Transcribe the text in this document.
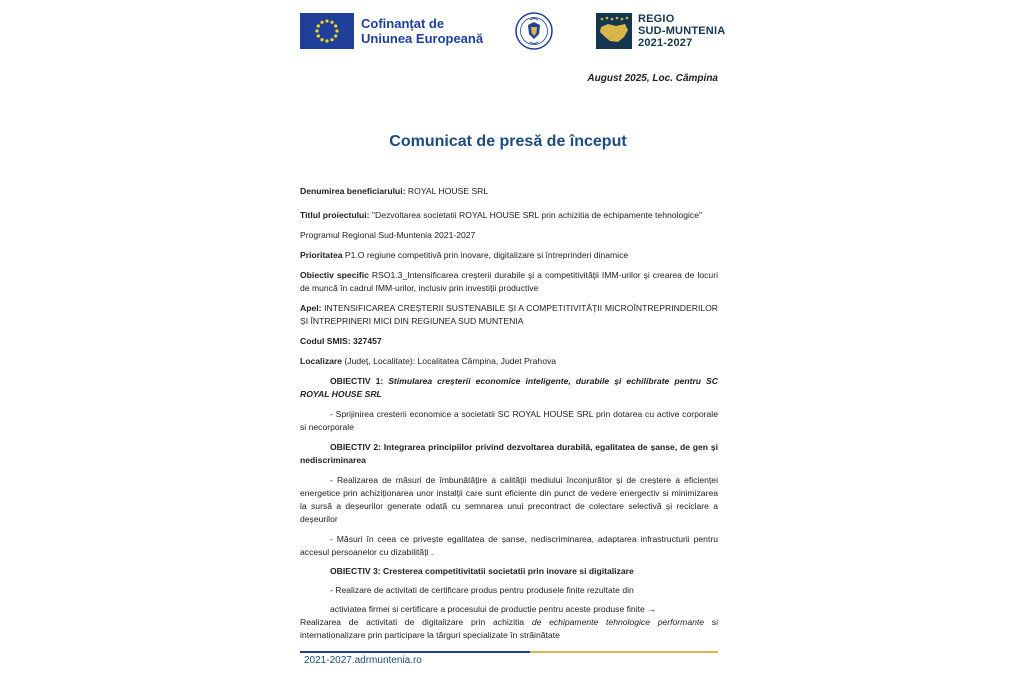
Cofinanțat de
Uniunea Europeană
REGIO
SUD-MUNTENIA
2021-2027
August 2025, Loc. Câmpina
Comunicat de presă de început

Denumirea beneficiarului: ROYAL HOUSE SRL

Titlul proiectului: "Dezvoltarea societatii ROYAL HOUSE SRL prin achizitia de echipamente tehnologice"

Programul Regional Sud-Muntenia 2021-2027

Prioritatea P1.O regiune competitivă prin inovare, digitalizare și întreprinderi dinamice

Obiectiv specific RSO1.3_Intensificarea creşterii durabile şi a competitivităţii IMM-urilor şi crearea de locuri de muncă în cadrul IMM-urilor, inclusiv prin investiții productive

Apel: INTENSIFICAREA CREȘTERII SUSTENABILE ȘI A COMPETITIVITĂȚII MICROÎNTREPRINDERILOR ȘI ÎNTREPRINERI MICI DIN REGIUNEA SUD MUNTENIA

Codul SMIS: 327457

Localizare (Județ, Localitate): Localitatea Câmpina, Judet Prahova

OBIECTIV 1: Stimularea creșterii economice inteligente, durabile și echilibrate pentru SC ROYAL HOUSE SRL

- Sprijinirea cresterii economice a societatii SC ROYAL HOUSE SRL prin dotarea cu active corporale si necorporale

OBIECTIV 2: Integrarea principiilor privind dezvoltarea durabilă, egalitatea de șanse, de gen și nediscriminarea

- Realizarea de măsuri de îmbunătățire a calității mediului înconjurător și de creștere a eficienței energetice prin achiziționarea unor instalții care sunt eficiente din punct de vedere energectiv si minimizarea la sursă a deșeurilor generate odată cu semnarea unui precontract de colectare selectivă și reciclare a deșeurilor

- Măsuri în ceea ce privește egalitatea de șanse, nediscriminarea, adaptarea infrastructurii pentru accesul persoanelor cu dizabilități .

OBIECTIV 3: Cresterea competitivitatii societatii prin inovare si digitalizare

- Realizare de activitati de certificare produs pentru produsele finite rezultate din

activiatea firmei si certificare a procesului de productie pentru aceste produse finite →

Realizarea de activitati de digitalizare prin achizitia de echipamente tehnologice performante si internationalizare prin participare la târguri specializate în străinătate

2021-2027.adrmuntenia.ro
